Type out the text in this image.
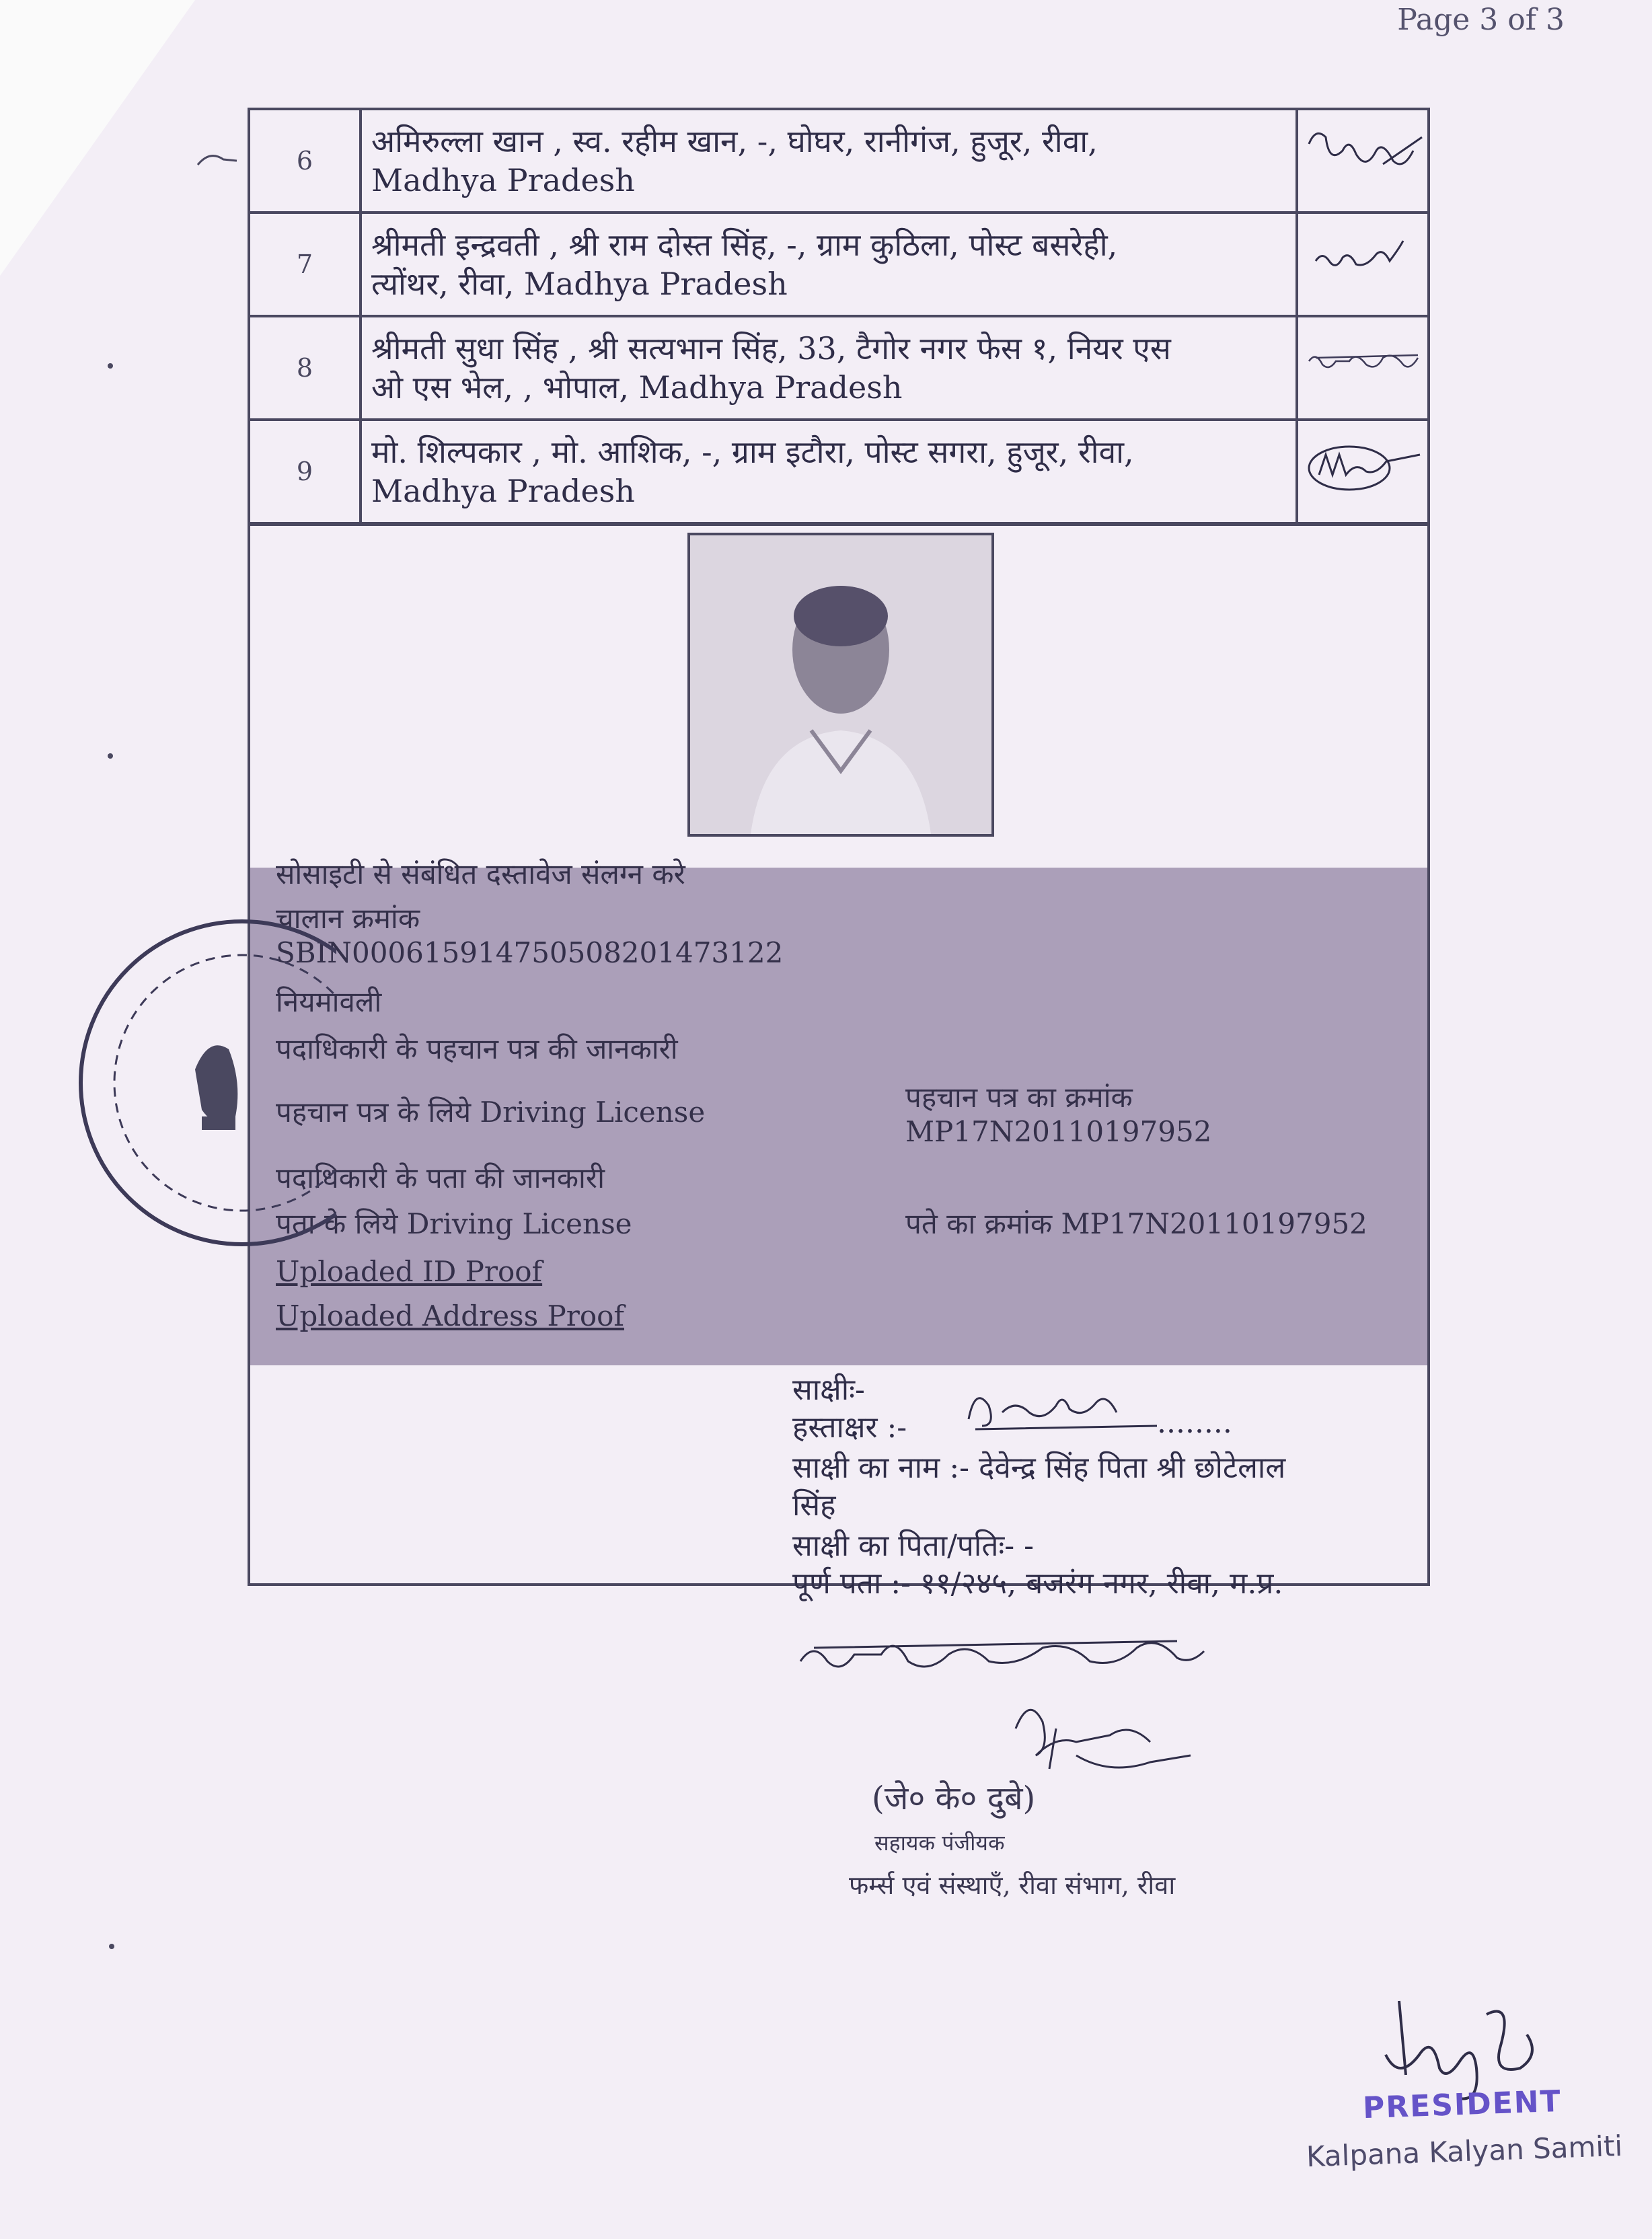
Page 3 of 3
6	अमिरुल्ला खान , स्व. रहीम खान, -, घोघर, रानीगंज, हुजूर, रीवा,
Madhya Pradesh

7	श्रीमती इन्द्रवती , श्री राम दोस्त सिंह, -, ग्राम कुठिला, पोस्ट बसरेही,
त्योंथर, रीवा, Madhya Pradesh

8	श्रीमती सुधा सिंह , श्री सत्यभान सिंह, 33, टैगोर नगर फेस १, नियर एस
ओ एस भेल, , भोपाल, Madhya Pradesh

9	मो. शिल्पकार , मो. आशिक, -, ग्राम इटौरा, पोस्ट सगरा, हुजूर, रीवा,
Madhya Pradesh

सोसाइटी से संबंधित दस्तावेज संलग्न करे
चालान क्रमांक
SBIN000615914750508201473122
नियमावली
पदाधिकारी के पहचान पत्र की जानकारी
पहचान पत्र के लिये Driving License	पहचान पत्र का क्रमांक
MP17N20110197952
पदाधिकारी के पता की जानकारी
पता के लिये Driving License	पते का क्रमांक MP17N20110197952
Uploaded ID Proof
Uploaded Address Proof
साक्षीः-
हस्ताक्षर :-	........
साक्षी का नाम :- देवेन्द्र सिंह पिता श्री छोटेलाल
सिंह
साक्षी का पिता/पतिः- -
पूर्ण पता :- ११/२४५, बजरंग नगर, रीवा, म.प्र.
(जे० के० दुबे)
सहायक पंजीयक
फर्म्स एवं संस्थाएँ, रीवा संभाग, रीवा
PRESIDENT
Kalpana Kalyan Samiti
